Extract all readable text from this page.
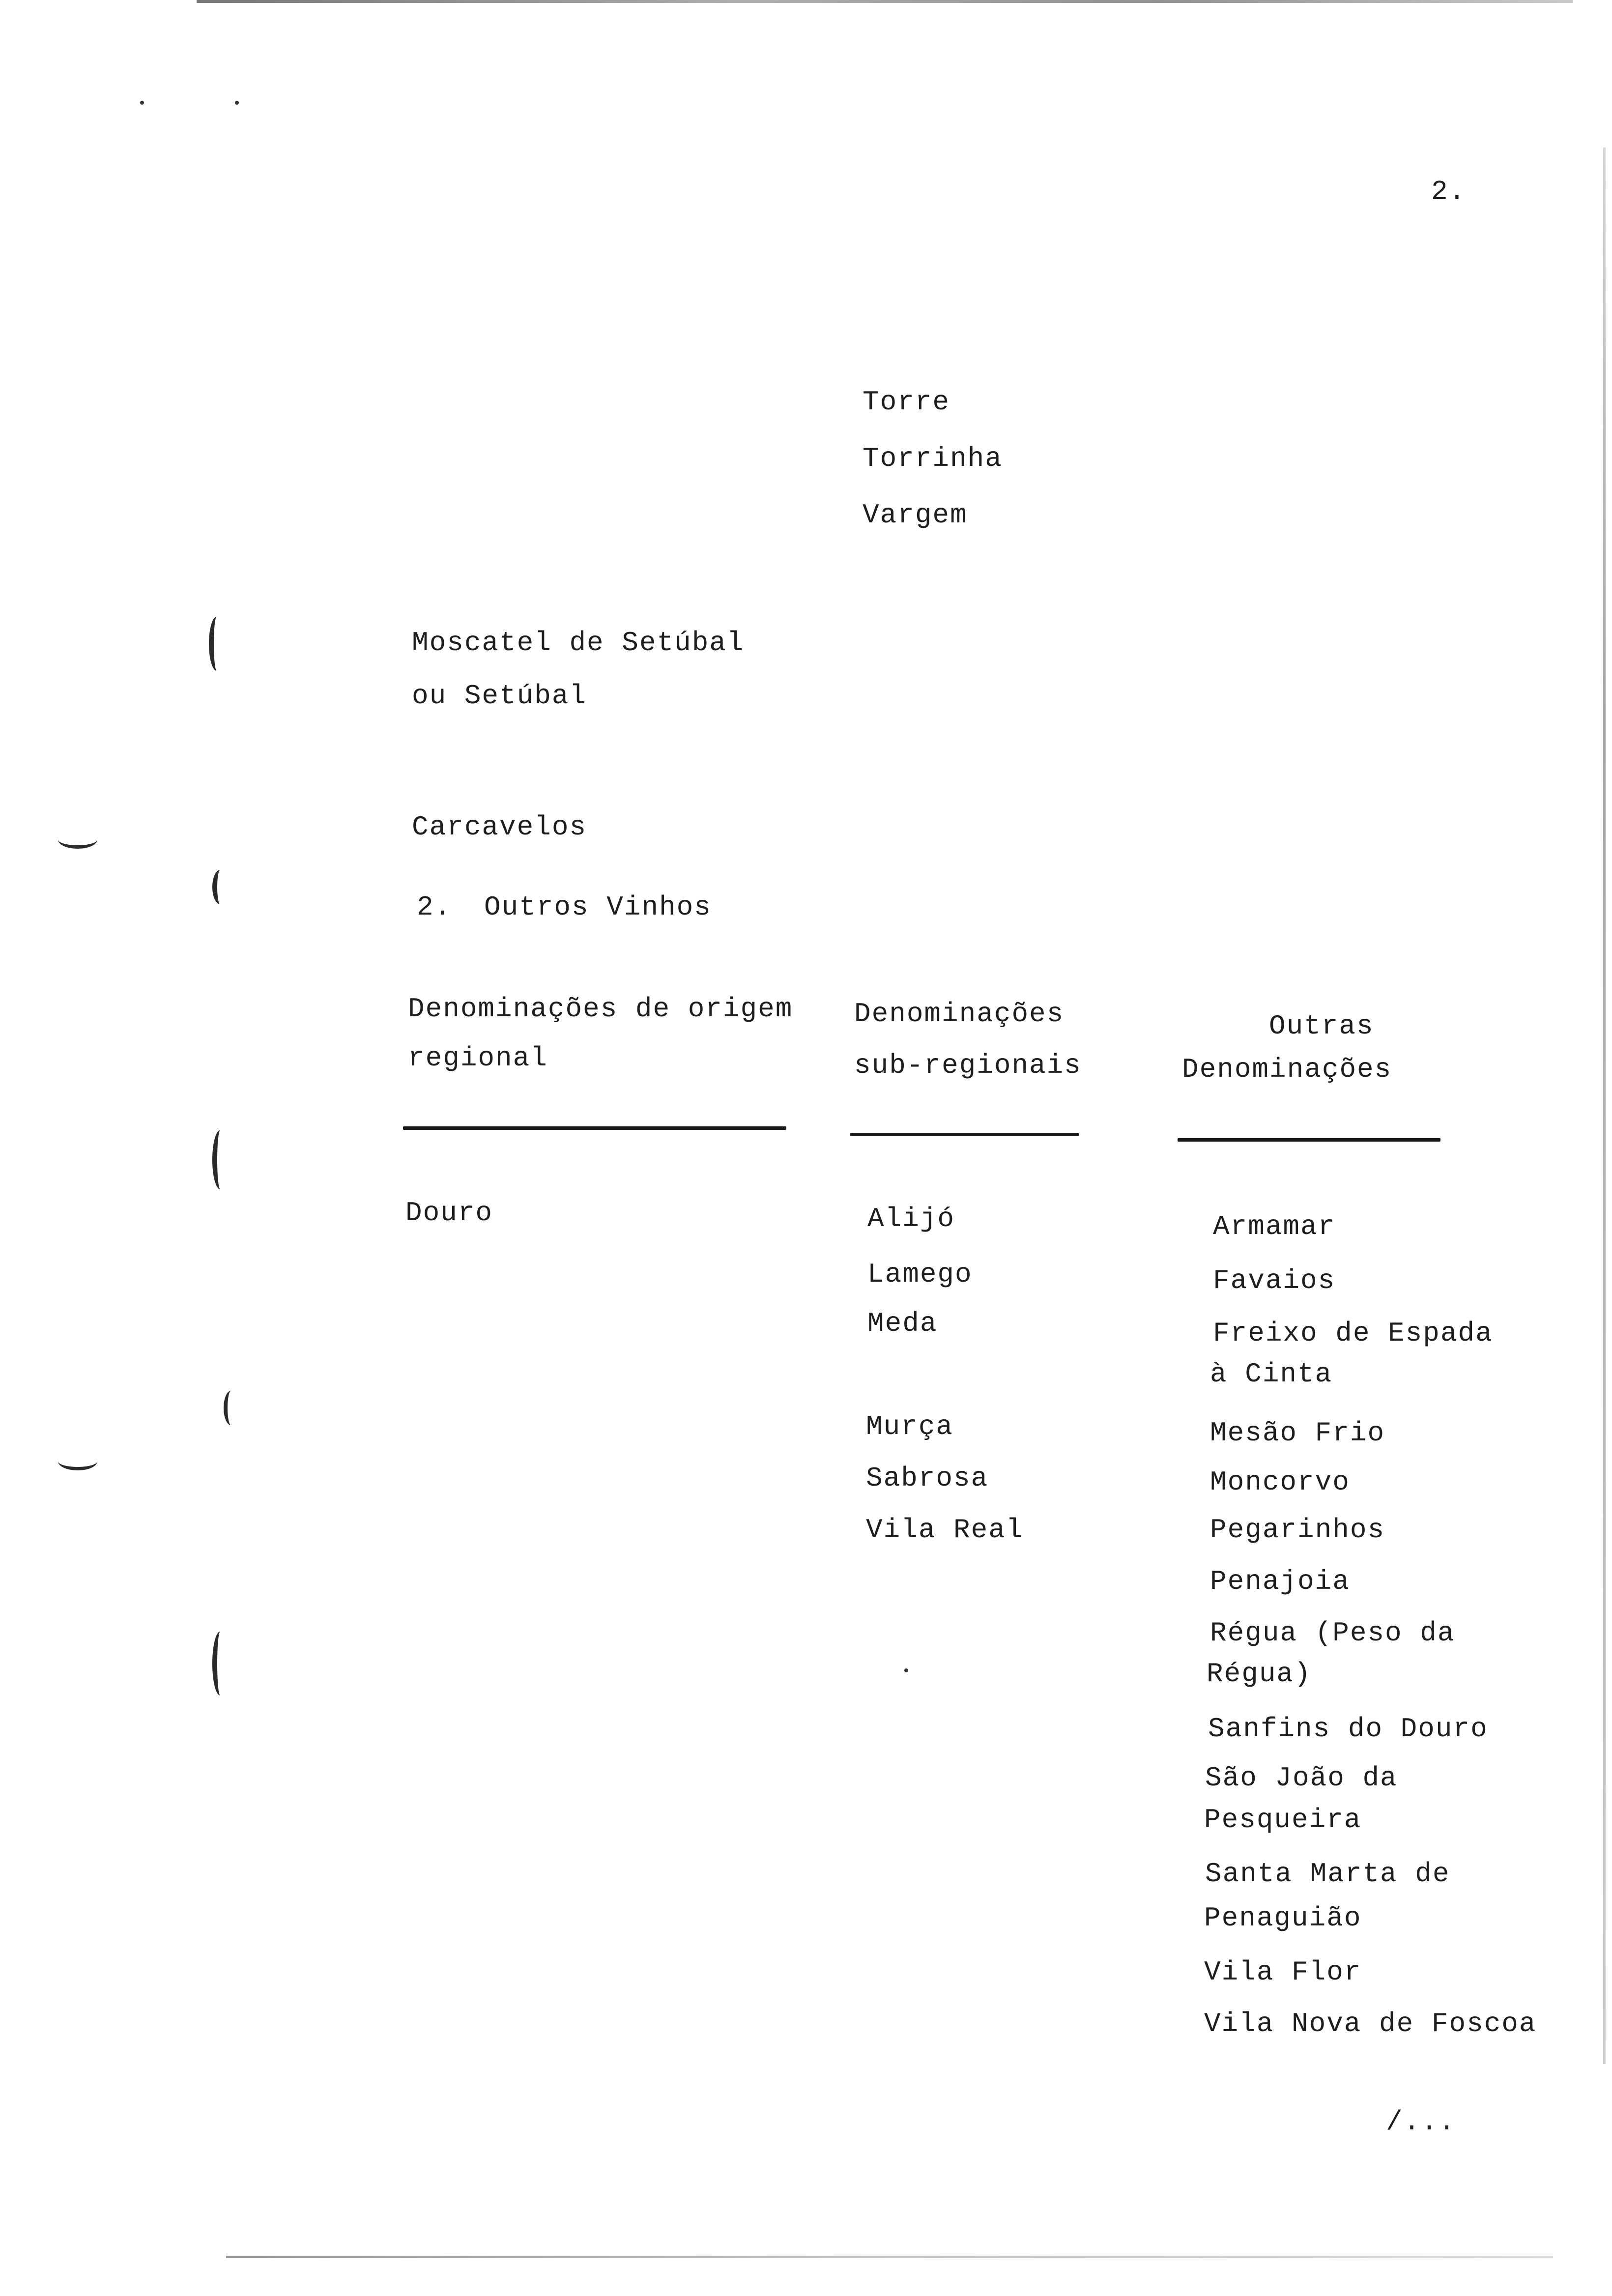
2.
Torre
Torrinha
Vargem
Moscatel de Setúbal
ou Setúbal
Carcavelos
2. Outros Vinhos
Denominações de origem
regional
Denominações
sub-regionais
Outras
Denominações
Douro	Alijó
Lamego
Meda
Murça
Sabrosa
Vila Real
Armamar
Favaios
Freixo de Espada
à Cinta
Mesão Frio
Moncorvo
Pegarinhos
Penajoia
Régua (Peso da
Régua)
Sanfins do Douro
São João da
Pesqueira
Santa Marta de
Penaguião
Vila Flor
Vila Nova de Foscoa
/...
